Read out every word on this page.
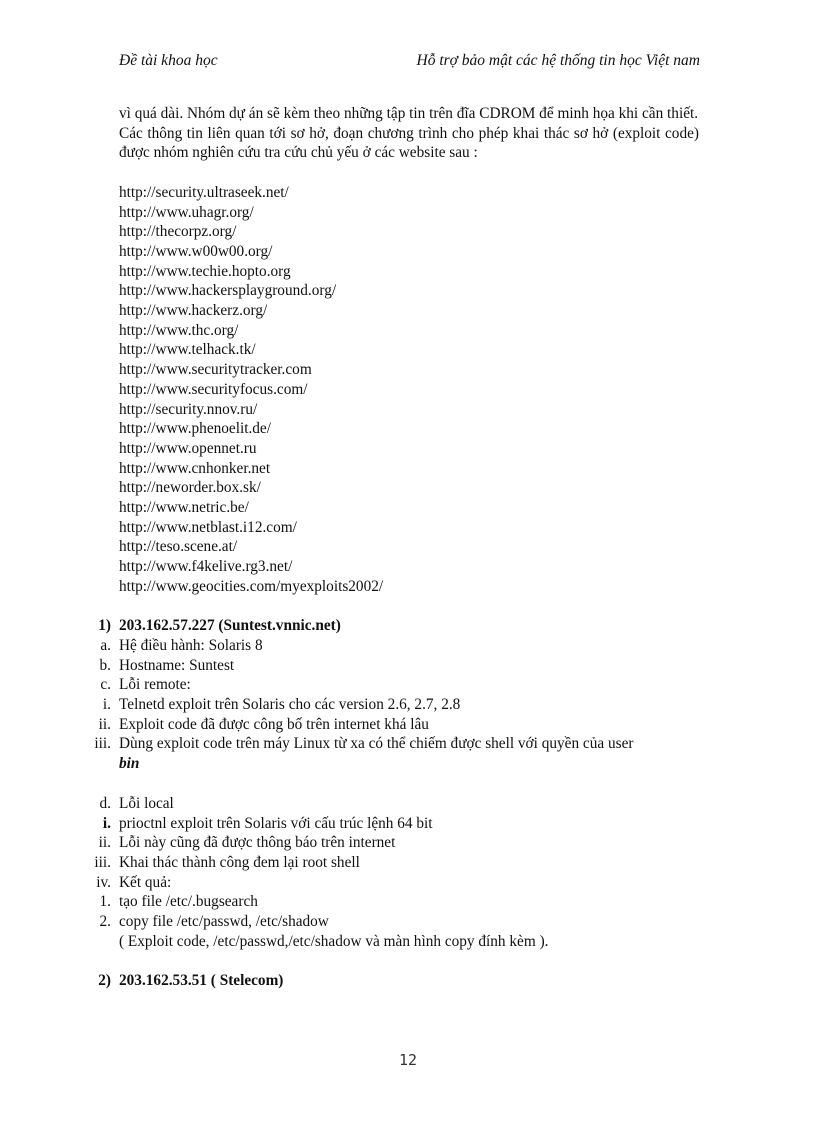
Đề tài khoa học	Hỗ trợ bảo mật các hệ thống tin học Việt nam

vì quá dài. Nhóm dự án sẽ kèm theo những tập tin trên đĩa CDROM để minh họa khi cần thiết.

Các thông tin liên quan tới sơ hở, đoạn chương trình cho phép khai thác sơ hở (exploit code) được nhóm nghiên cứu tra cứu chủ yếu ở các website sau :

http://security.ultraseek.net/
http://www.uhagr.org/
http://thecorpz.org/
http://www.w00w00.org/
http://www.techie.hopto.org
http://www.hackersplayground.org/
http://www.hackerz.org/
http://www.thc.org/
http://www.telhack.tk/
http://www.securitytracker.com
http://www.securityfocus.com/
http://security.nnov.ru/
http://www.phenoelit.de/
http://www.opennet.ru
http://www.cnhonker.net
http://neworder.box.sk/
http://www.netric.be/
http://www.netblast.i12.com/
http://teso.scene.at/
http://www.f4kelive.rg3.net/
http://www.geocities.com/myexploits2002/
1) 203.162.57.227 (Suntest.vnnic.net)
a. Hệ điều hành: Solaris 8
b. Hostname: Suntest
c. Lỗi remote:
i. Telnetd exploit trên Solaris cho các version 2.6, 2.7, 2.8
ii. Exploit code đã được công bố trên internet khá lâu
iii. Dùng exploit code trên máy Linux từ xa có thể chiếm được shell với quyền của user
bin
d. Lỗi local
i. prioctnl exploit trên Solaris với cấu trúc lệnh 64 bit
ii. Lỗi này cũng đã được thông báo trên internet
iii. Khai thác thành công đem lại root shell
iv. Kết quả:
1. tạo file /etc/.bugsearch
2. copy file /etc/passwd, /etc/shadow
( Exploit code, /etc/passwd,/etc/shadow và màn hình copy đính kèm ).
2) 203.162.53.51 ( Stelecom)
12
